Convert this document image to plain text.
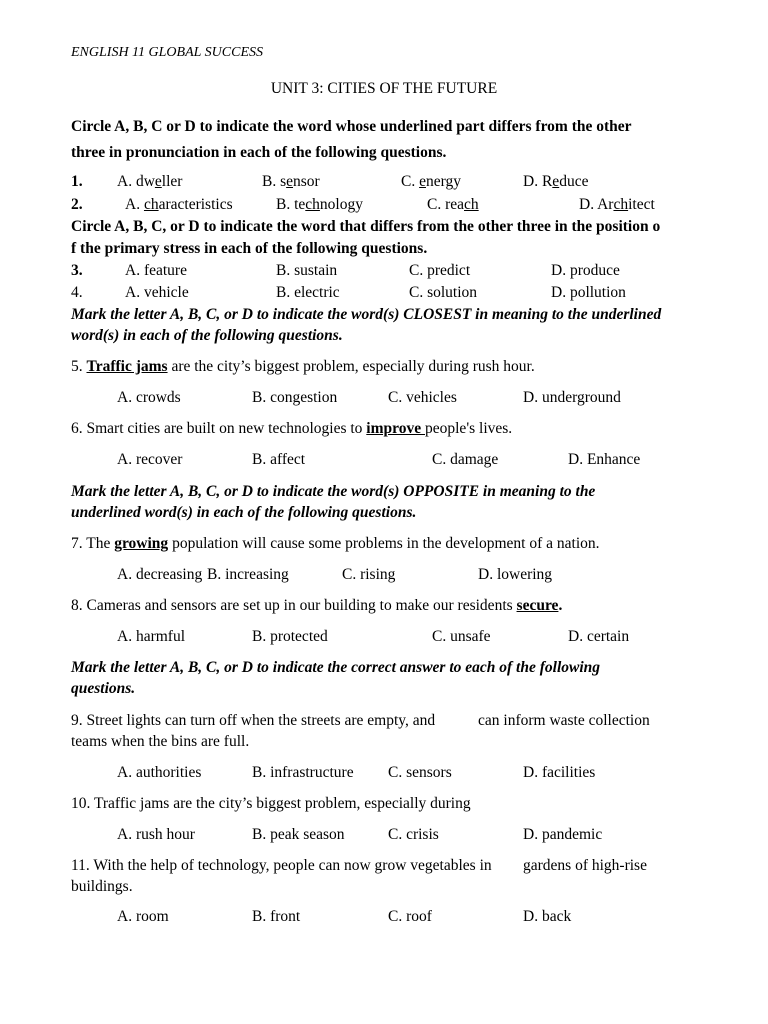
ENGLISH 11 GLOBAL SUCCESS
UNIT 3: CITIES OF THE FUTURE
Circle A, B, C or D to indicate the word whose underlined part differs from the other
three in pronunciation in each of the following questions.
1. A. dweller	B. sensor	C. energy	D. Reduce
2.	A. characteristics	B. technology	C. reach	D. Architect
Circle A, B, C, or D to indicate the word that differs from the other three in the position o
f the primary stress in each of the following questions.
3.	A. feature	B. sustain	C. predict	D. produce
4.	A. vehicle	B. electric	C. solution	D. pollution
Mark the letter A, B, C, or D to indicate the word(s) CLOSEST in meaning to the underlined
word(s) in each of the following questions.
5. Traffic jams are the city’s biggest problem, especially during rush hour.
A. crowds	B. congestion	C. vehicles	D. underground
6. Smart cities are built on new technologies to improve people's lives.
A. recover	B. affect	C. damage	D. Enhance
Mark the letter A, B, C, or D to indicate the word(s) OPPOSITE in meaning to the
underlined word(s) in each of the following questions.
7. The growing population will cause some problems in the development of a nation.
A. decreasing B. increasing	C. rising	D. lowering
8. Cameras and sensors are set up in our building to make our residents secure.
A. harmful	B. protected	C. unsafe	D. certain
Mark the letter A, B, C, or D to indicate the correct answer to each of the following
questions.
9. Street lights can turn off when the streets are empty, and	can inform waste collection
teams when the bins are full.
A. authorities	B. infrastructure C. sensors	D. facilities
10. Traffic jams are the city’s biggest problem, especially during
A. rush hour	B. peak season	C. crisis	D. pandemic
11. With the help of technology, people can now grow vegetables in gardens of high-rise
buildings.
A. room	B. front	C. roof	D. back
